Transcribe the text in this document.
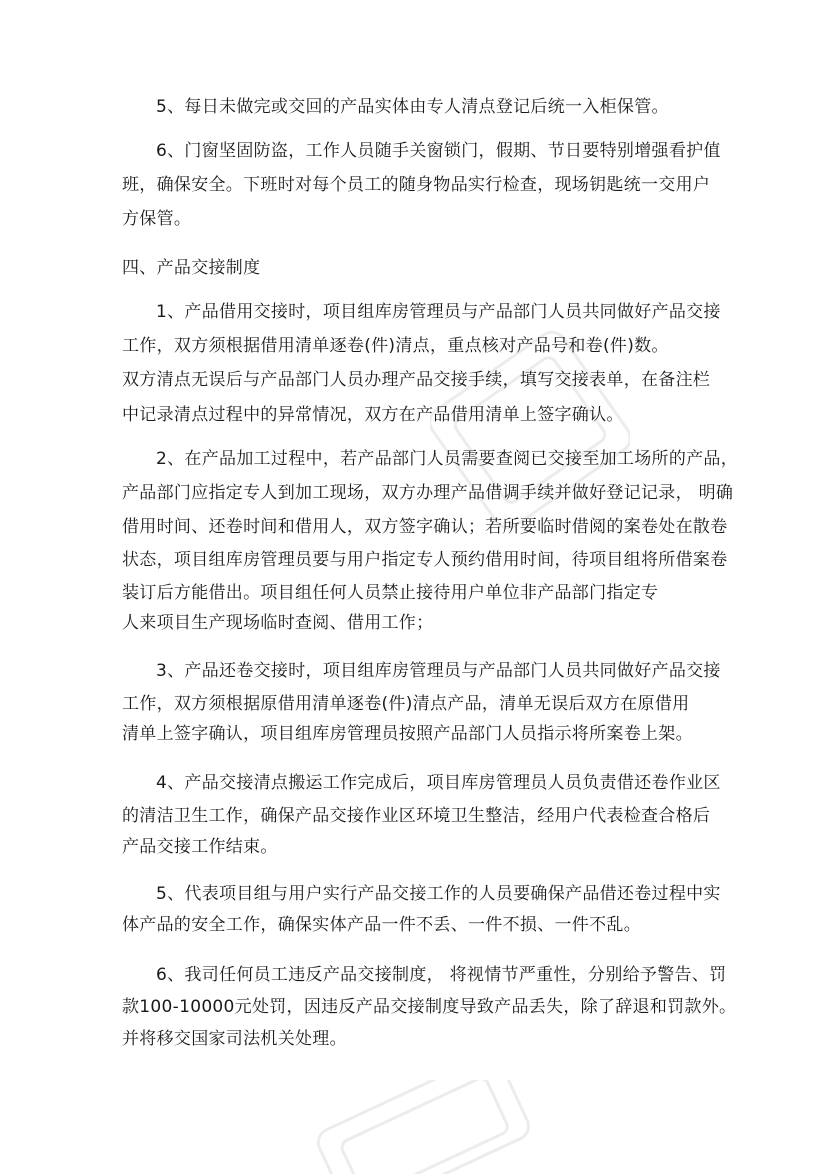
5、每日未做完或交回的产品实体由专人清点登记后统一入柜保管。
6、门窗坚固防盗，工作人员随手关窗锁门，假期、节日要特别增强看护值
班，确保安全。下班时对每个员工的随身物品实行检查，现场钥匙统一交用户
方保管。
四、产品交接制度
1、产品借用交接时，项目组库房管理员与产品部门人员共同做好产品交接
工作，双方须根据借用清单逐卷(件)清点，重点核对产品号和卷(件)数。
双方清点无误后与产品部门人员办理产品交接手续，填写交接表单，在备注栏
中记录清点过程中的异常情况，双方在产品借用清单上签字确认。
2、在产品加工过程中，若产品部门人员需要查阅已交接至加工场所的产品，
产品部门应指定专人到加工现场，双方办理产品借调手续并做好登记记录， 明确
借用时间、还卷时间和借用人，双方签字确认；若所要临时借阅的案卷处在散卷
状态，项目组库房管理员要与用户指定专人预约借用时间，待项目组将所借案卷
装订后方能借出。项目组任何人员禁止接待用户单位非产品部门指定专
人来项目生产现场临时查阅、借用工作；
3、产品还卷交接时，项目组库房管理员与产品部门人员共同做好产品交接
工作，双方须根据原借用清单逐卷(件)清点产品，清单无误后双方在原借用
清单上签字确认，项目组库房管理员按照产品部门人员指示将所案卷上架。
4、产品交接清点搬运工作完成后，项目库房管理员人员负责借还卷作业区
的清洁卫生工作，确保产品交接作业区环境卫生整洁，经用户代表检查合格后
产品交接工作结束。
5、代表项目组与用户实行产品交接工作的人员要确保产品借还卷过程中实
体产品的安全工作，确保实体产品一件不丢、一件不损、一件不乱。
6、我司任何员工违反产品交接制度， 将视情节严重性，分别给予警告、罚
款100-10000元处罚，因违反产品交接制度导致产品丢失，除了辞退和罚款外。
并将移交国家司法机关处理。
